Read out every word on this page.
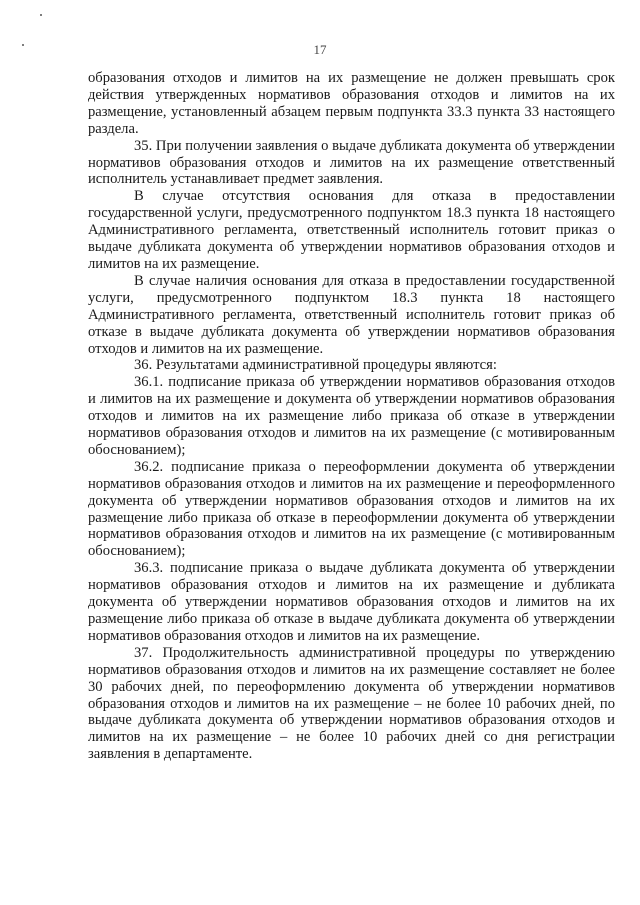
17

образования отходов и лимитов на их размещение не должен превышать срок действия утвержденных нормативов образования отходов и лимитов на их размещение, установленный абзацем первым подпункта 33.3 пункта 33 настоящего раздела.

35. При получении заявления о выдаче дубликата документа об утверждении нормативов образования отходов и лимитов на их размещение ответственный исполнитель устанавливает предмет заявления.

В случае отсутствия основания для отказа в предоставлении государственной услуги, предусмотренного подпунктом 18.3 пункта 18 настоящего Административного регламента, ответственный исполнитель готовит приказ о выдаче дубликата документа об утверждении нормативов образования отходов и лимитов на их размещение.

В случае наличия основания для отказа в предоставлении государственной услуги, предусмотренного подпунктом 18.3 пункта 18 настоящего Административного регламента, ответственный исполнитель готовит приказ об отказе в выдаче дубликата документа об утверждении нормативов образования отходов и лимитов на их размещение.

36. Результатами административной процедуры являются:

36.1. подписание приказа об утверждении нормативов образования отходов и лимитов на их размещение и документа об утверждении нормативов образования отходов и лимитов на их размещение либо приказа об отказе в утверждении нормативов образования отходов и лимитов на их размещение (с мотивированным обоснованием);

36.2. подписание приказа о переоформлении документа об утверждении нормативов образования отходов и лимитов на их размещение и переоформленного документа об утверждении нормативов образования отходов и лимитов на их размещение либо приказа об отказе в переоформлении документа об утверждении нормативов образования отходов и лимитов на их размещение (с мотивированным обоснованием);

36.3. подписание приказа о выдаче дубликата документа об утверждении нормативов образования отходов и лимитов на их размещение и дубликата документа об утверждении нормативов образования отходов и лимитов на их размещение либо приказа об отказе в выдаче дубликата документа об утверждении нормативов образования отходов и лимитов на их размещение.

37. Продолжительность административной процедуры по утверждению нормативов образования отходов и лимитов на их размещение составляет не более 30 рабочих дней, по переоформлению документа об утверждении нормативов образования отходов и лимитов на их размещение – не более 10 рабочих дней, по выдаче дубликата документа об утверждении нормативов образования отходов и лимитов на их размещение – не более 10 рабочих дней со дня регистрации заявления в департаменте.
